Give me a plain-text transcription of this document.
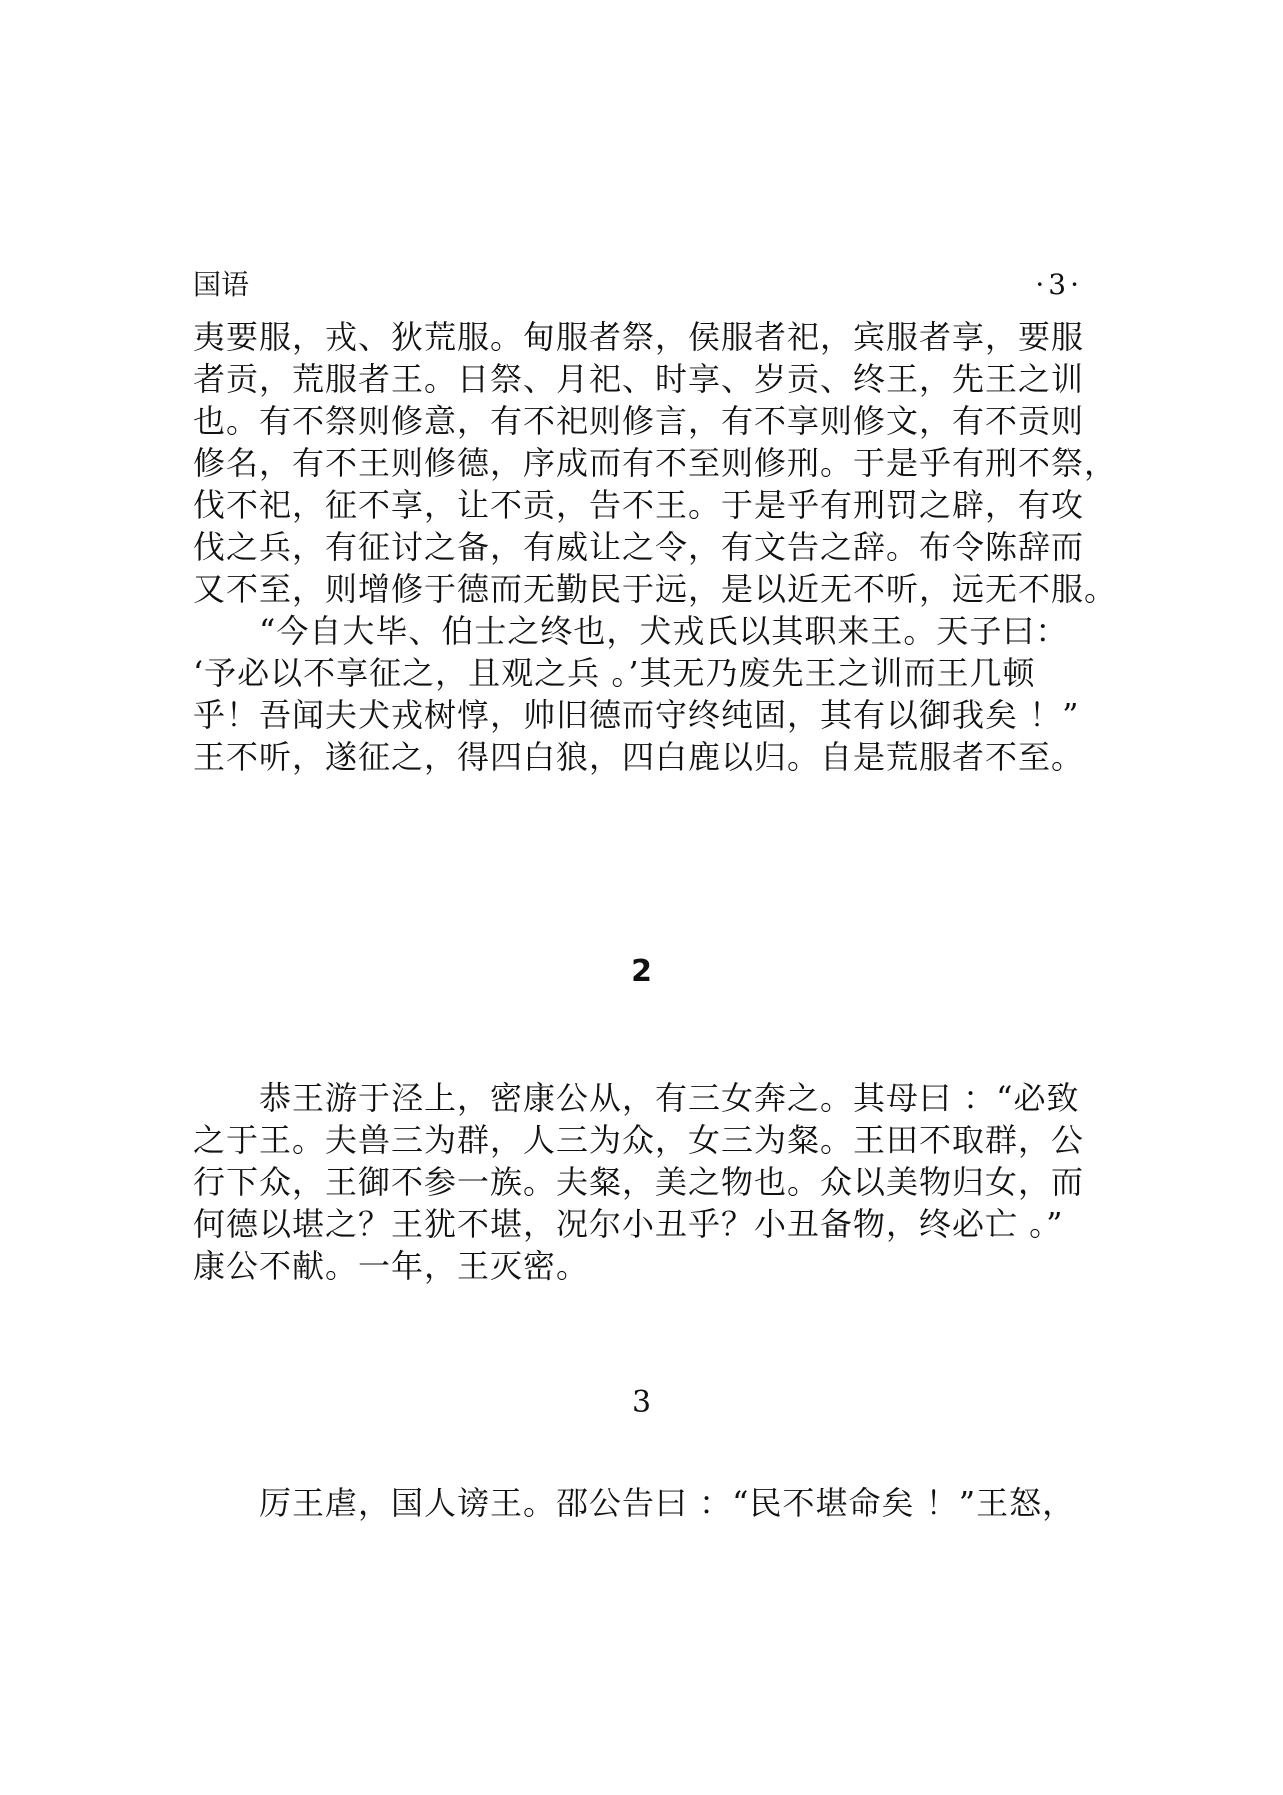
国语	·3·
夷要服，戎、狄荒服。甸服者祭，侯服者祀，宾服者享，要服
者贡，荒服者王。日祭、月祀、时享、岁贡、终王，先王之训
也。有不祭则修意，有不祀则修言，有不享则修文，有不贡则
修名，有不王则修德，序成而有不至则修刑。于是乎有刑不祭，
伐不祀，征不享，让不贡，告不王。于是乎有刑罚之辟，有攻
伐之兵，有征讨之备，有威让之令，有文告之辞。布令陈辞而
又不至，则增修于德而无勤民于远，是以近无不听，远无不服。
“今自大毕、伯士之终也，犬戎氏以其职来王。天子曰：
‘予必以不享征之，且观之兵 。’其无乃废先王之训而王几顿
乎！吾闻夫犬戎树惇，帅旧德而守终纯固，其有以御我矣 ！”
王不听，遂征之，得四白狼，四白鹿以归。自是荒服者不至。
2
恭王游于泾上，密康公从，有三女奔之。其母曰 ：“必致
之于王。夫兽三为群，人三为众，女三为粲。王田不取群，公
行下众，王御不参一族。夫粲，美之物也。众以美物归女，而
何德以堪之？王犹不堪，况尔小丑乎？小丑备物，终必亡 。”
康公不献。一年，王灭密。
3
厉王虐，国人谤王。邵公告曰 ：“民不堪命矣 ！”王怒，
